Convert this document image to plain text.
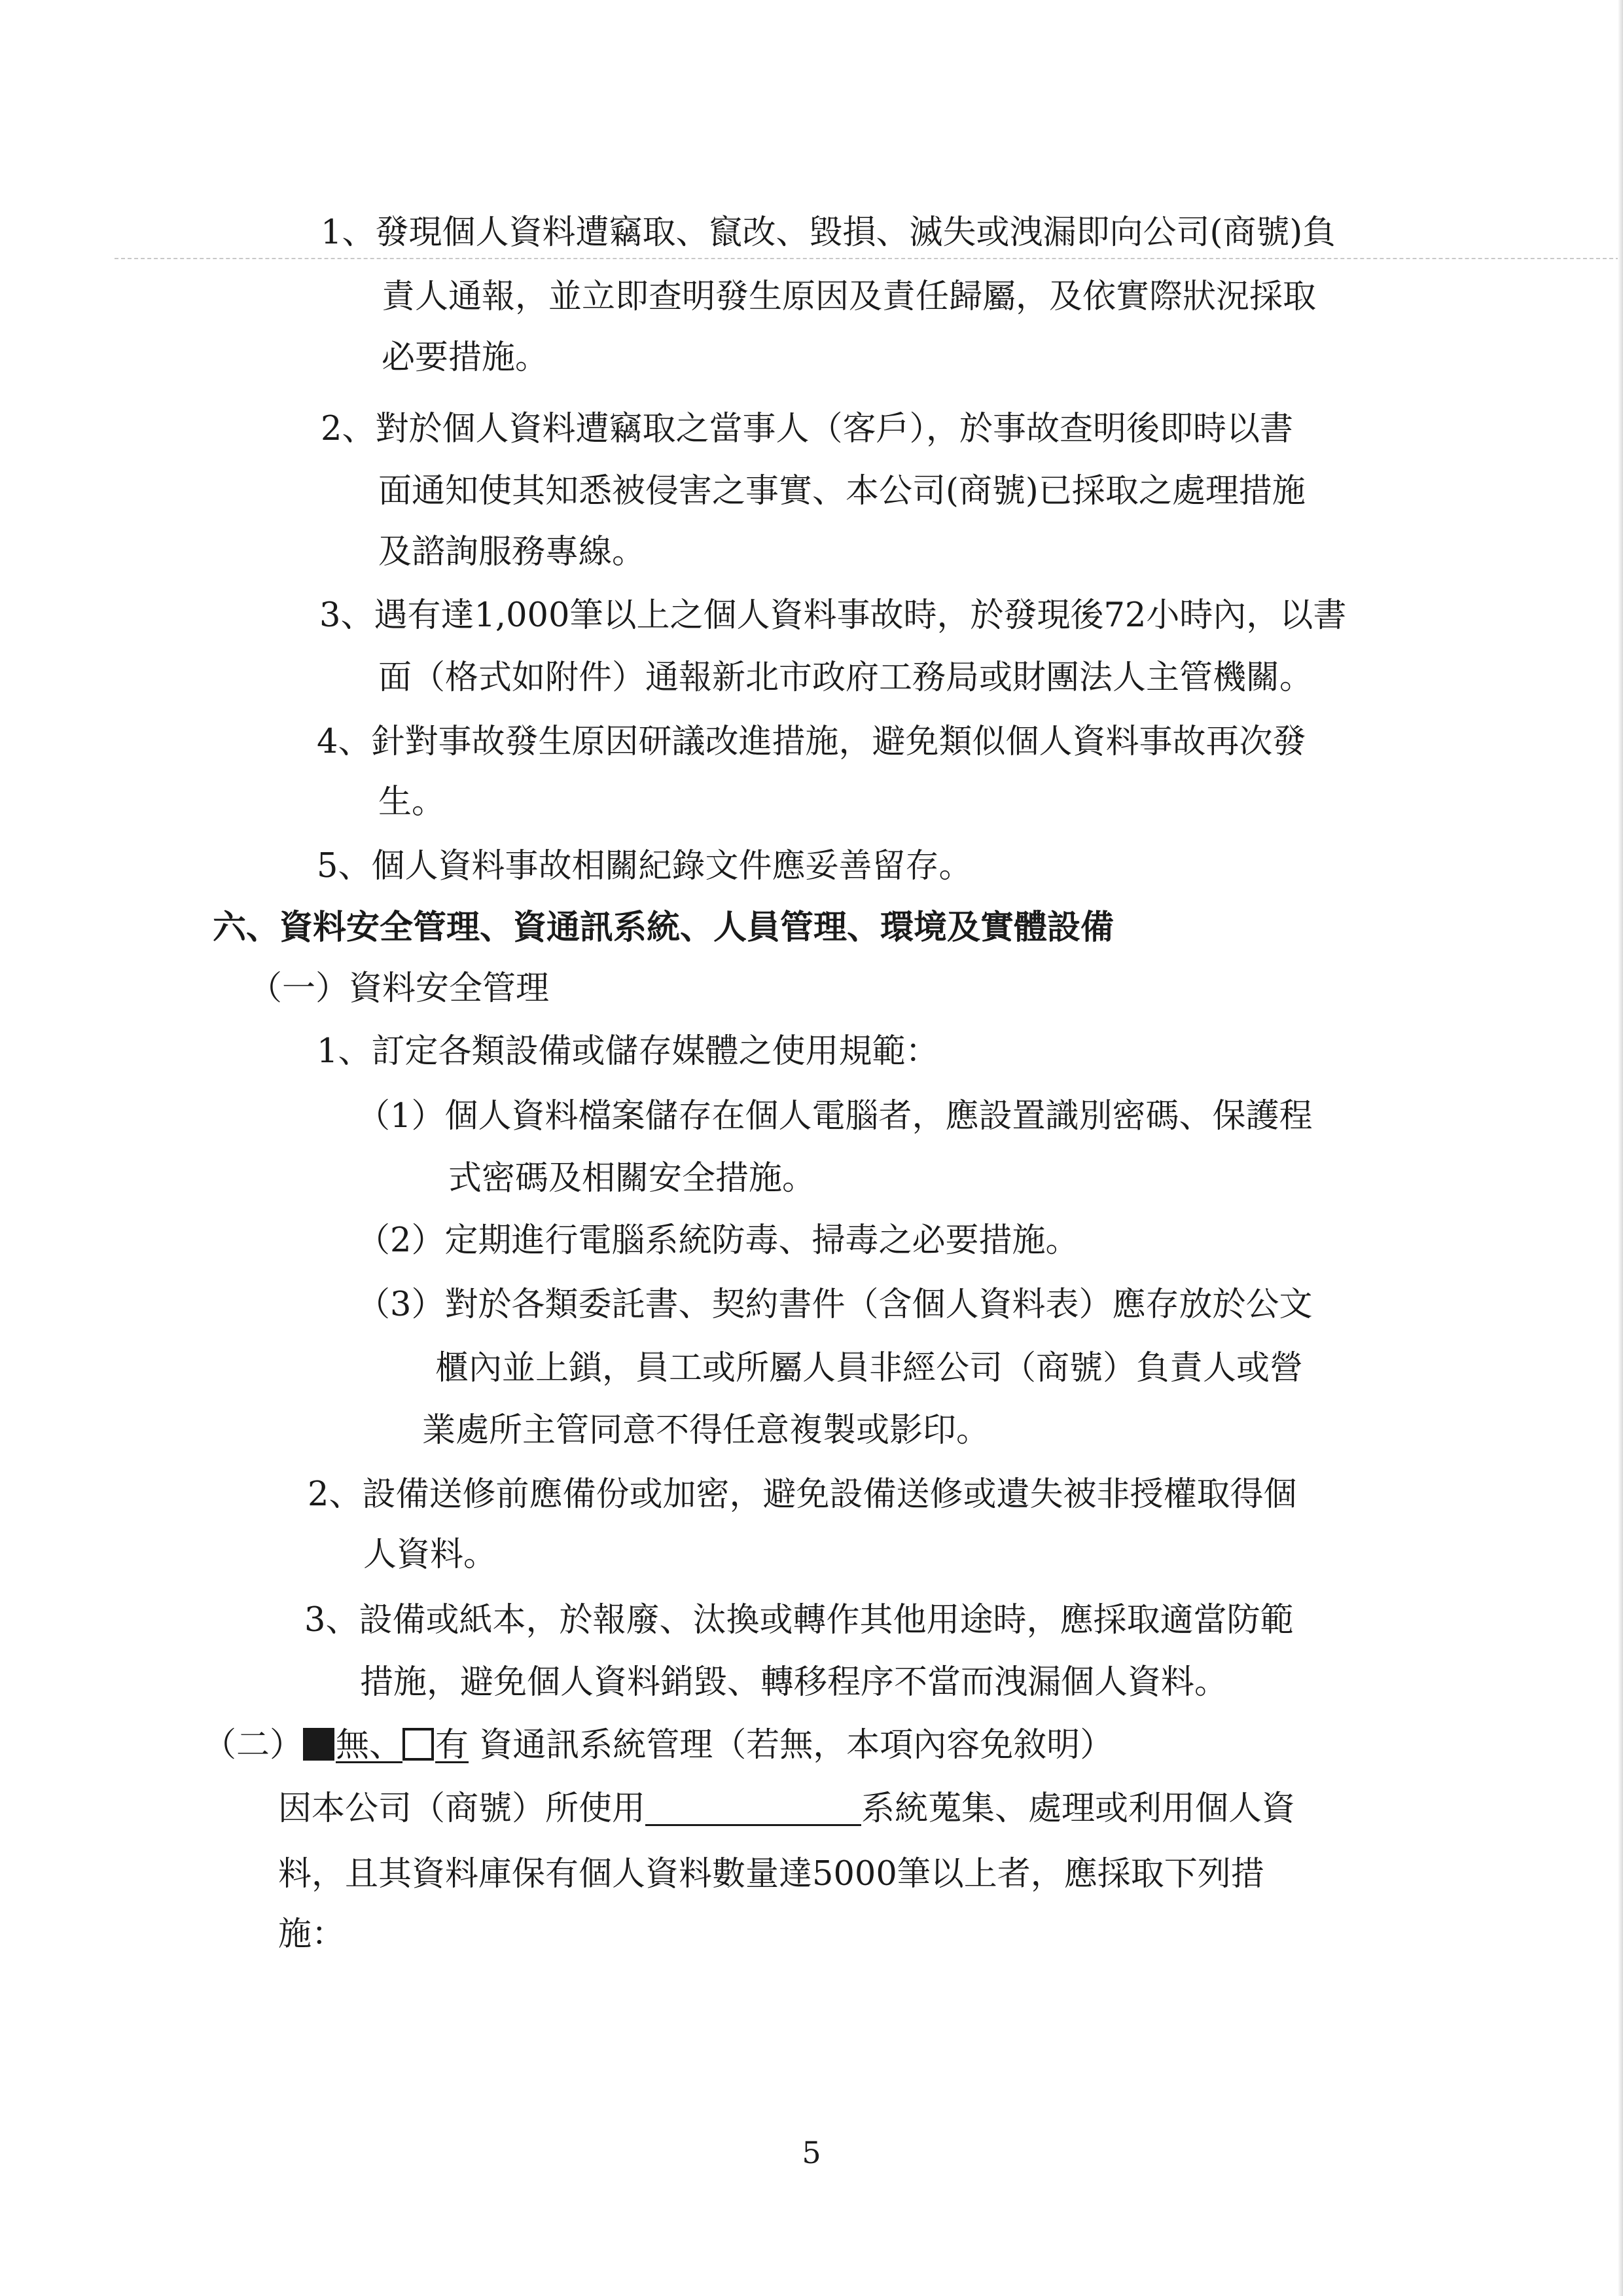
1、發現個人資料遭竊取、竄改、毀損、滅失或洩漏即向公司(商號)負
責人通報，並立即查明發生原因及責任歸屬，及依實際狀況採取
必要措施。
2、對於個人資料遭竊取之當事人（客戶），於事故查明後即時以書
面通知使其知悉被侵害之事實、本公司(商號)已採取之處理措施
及諮詢服務專線。
3、遇有達1,000筆以上之個人資料事故時，於發現後72小時內，以書
面（格式如附件）通報新北市政府工務局或財團法人主管機關。
4、針對事故發生原因研議改進措施，避免類似個人資料事故再次發
生。
5、個人資料事故相關紀錄文件應妥善留存。
六、資料安全管理、資通訊系統、人員管理、環境及實體設備
（一）資料安全管理
1、訂定各類設備或儲存媒體之使用規範：
（1）個人資料檔案儲存在個人電腦者，應設置識別密碼、保護程
式密碼及相關安全措施。
（2）定期進行電腦系統防毒、掃毒之必要措施。
（3）對於各類委託書、契約書件（含個人資料表）應存放於公文
櫃內並上鎖，員工或所屬人員非經公司（商號）負責人或營
業處所主管同意不得任意複製或影印。
2、設備送修前應備份或加密，避免設備送修或遺失被非授權取得個
人資料。
3、設備或紙本，於報廢、汰換或轉作其他用途時，應採取適當防範
措施，避免個人資料銷毀、轉移程序不當而洩漏個人資料。
（二） 無、 有 資通訊系統管理（若無，本項內容免敘明）
因本公司（商號）所使用	系統蒐集、處理或利用個人資
料，且其資料庫保有個人資料數量達5000筆以上者，應採取下列措
施：
5
